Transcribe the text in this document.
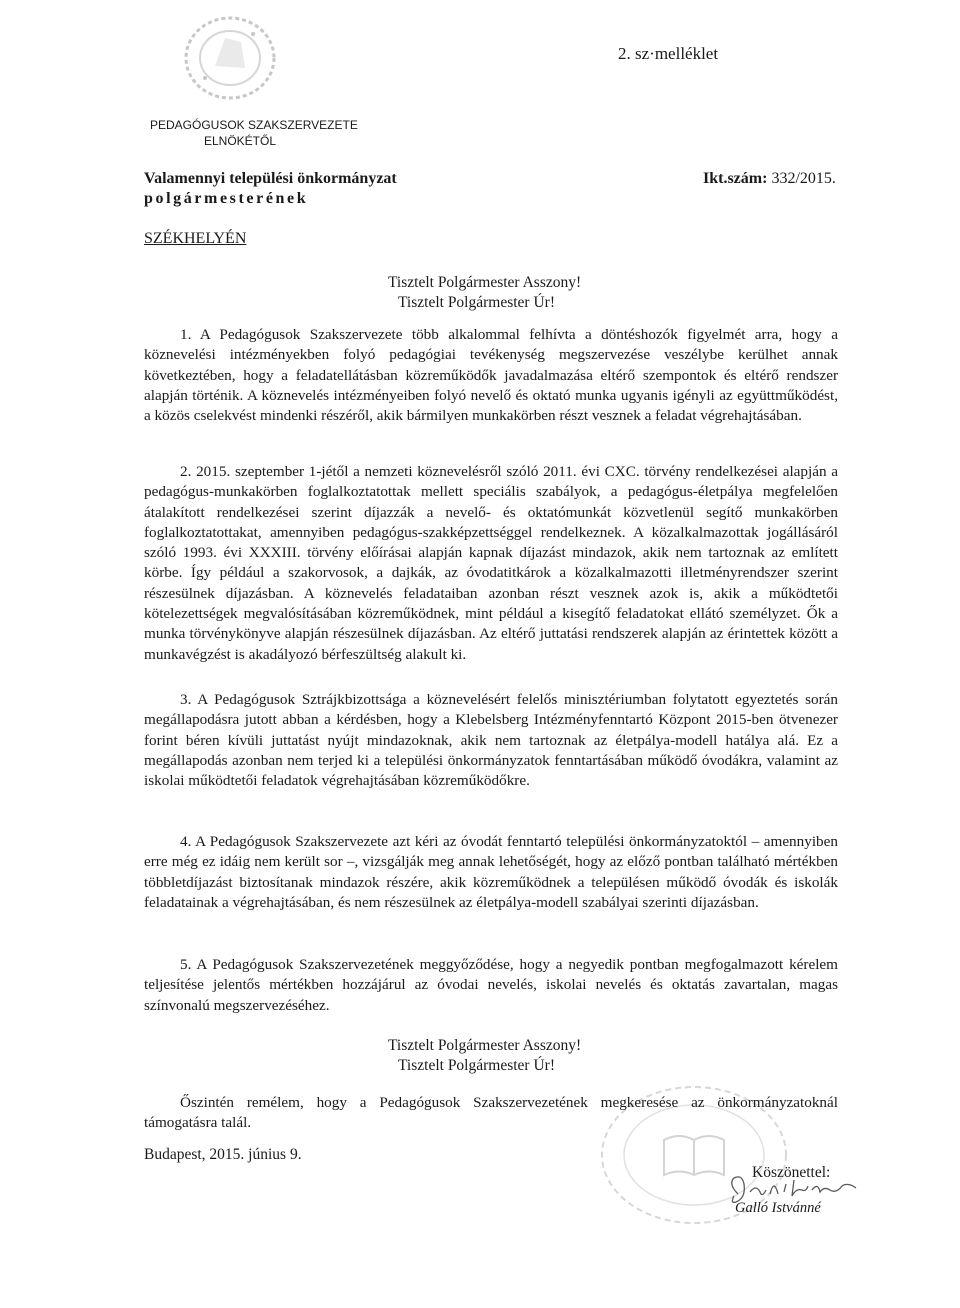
2. sz·melléklet
PEDAGÓGUSOK SZAKSZERVEZETE
ELNÖKÉTŐL
Valamennyi települési önkormányzat
polgármesterének
Ikt.szám: 332/2015.
SZÉKHELYÉN
Tisztelt Polgármester Asszony!
Tisztelt Polgármester Úr!

1. A Pedagógusok Szakszervezete több alkalommal felhívta a döntéshozók figyelmét arra, hogy a köznevelési intézményekben folyó pedagógiai tevékenység megszervezése veszélybe kerülhet annak következtében, hogy a feladatellátásban közreműködők javadalmazása eltérő szempontok és eltérő rendszer alapján történik. A köznevelés intézményeiben folyó nevelő és oktató munka ugyanis igényli az együttműködést, a közös cselekvést mindenki részéről, akik bármilyen munkakörben részt vesznek a feladat végrehajtásában.

2. 2015. szeptember 1-jétől a nemzeti köznevelésről szóló 2011. évi CXC. törvény rendelkezései alapján a pedagógus-munkakörben foglalkoztatottak mellett speciális szabályok, a pedagógus-életpálya megfelelően átalakított rendelkezései szerint díjazzák a nevelő- és oktatómunkát közvetlenül segítő munkakörben foglalkoztatottakat, amennyiben pedagógus-szakképzettséggel rendelkeznek. A közalkalmazottak jogállásáról szóló 1993. évi XXXIII. törvény előírásai alapján kapnak díjazást mindazok, akik nem tartoznak az említett körbe. Így például a szakorvosok, a dajkák, az óvodatitkárok a közalkalmazotti illetményrendszer szerint részesülnek díjazásban. A köznevelés feladataiban azonban részt vesznek azok is, akik a működtetői kötelezettségek megvalósításában közreműködnek, mint például a kisegítő feladatokat ellátó személyzet. Ők a munka törvénykönyve alapján részesülnek díjazásban. Az eltérő juttatási rendszerek alapján az érintettek között a munkavégzést is akadályozó bérfeszültség alakult ki.

3. A Pedagógusok Sztrájkbizottsága a köznevelésért felelős minisztériumban folytatott egyeztetés során megállapodásra jutott abban a kérdésben, hogy a Klebelsberg Intézményfenntartó Központ 2015-ben ötvenezer forint béren kívüli juttatást nyújt mindazoknak, akik nem tartoznak az életpálya-modell hatálya alá. Ez a megállapodás azonban nem terjed ki a települési önkormányzatok fenntartásában működő óvodákra, valamint az iskolai működtetői feladatok végrehajtásában közreműködőkre.

4. A Pedagógusok Szakszervezete azt kéri az óvodát fenntartó települési önkormányzatoktól – amennyiben erre még ez idáig nem került sor –, vizsgálják meg annak lehetőségét, hogy az előző pontban található mértékben többletdíjazást biztosítanak mindazok részére, akik közreműködnek a településen működő óvodák és iskolák feladatainak a végrehajtásában, és nem részesülnek az életpálya-modell szabályai szerinti díjazásban.

5. A Pedagógusok Szakszervezetének meggyőződése, hogy a negyedik pontban megfogalmazott kérelem teljesítése jelentős mértékben hozzájárul az óvodai nevelés, iskolai nevelés és oktatás zavartalan, magas színvonalú megszervezéséhez.

Tisztelt Polgármester Asszony!
Tisztelt Polgármester Úr!

Őszintén remélem, hogy a Pedagógusok Szakszervezetének megkeresése az önkormányzatoknál támogatásra talál.

Budapest, 2015. június 9.
Köszönettel:
Galló Istvánné
